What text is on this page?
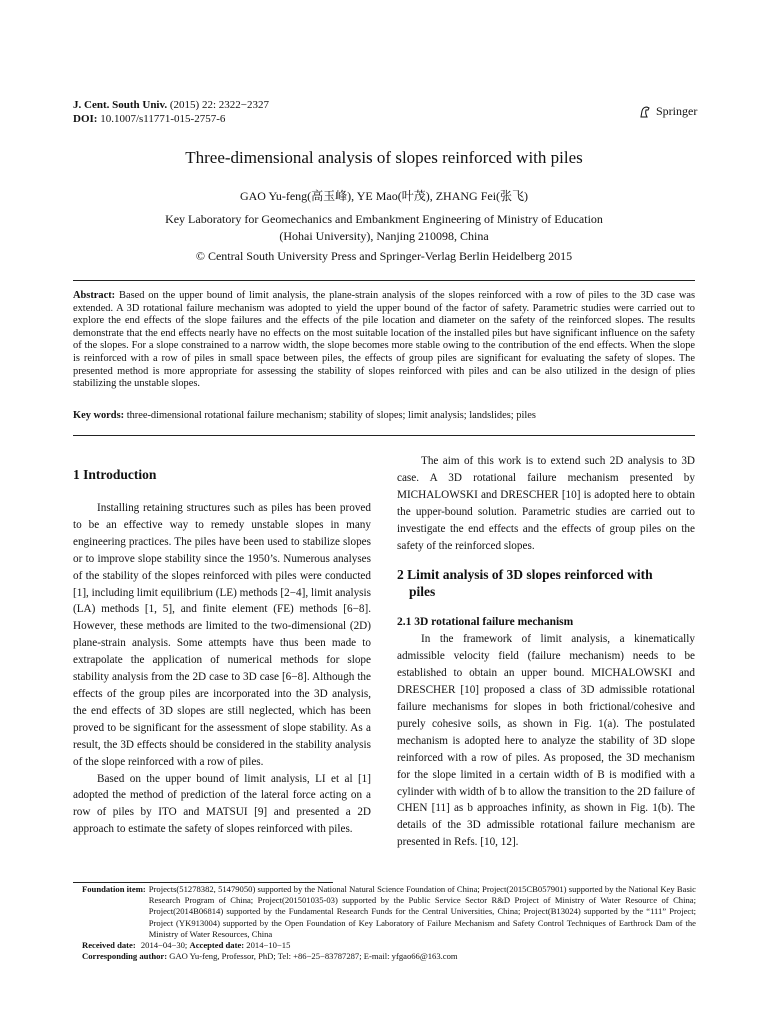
J. Cent. South Univ. (2015) 22: 2322−2327
DOI: 10.1007/s11771-015-2757-6
Springer
Three-dimensional analysis of slopes reinforced with piles
GAO Yu-feng(高玉峰), YE Mao(叶茂), ZHANG Fei(张飞)
Key Laboratory for Geomechanics and Embankment Engineering of Ministry of Education
(Hohai University), Nanjing 210098, China
© Central South University Press and Springer-Verlag Berlin Heidelberg 2015
Abstract: Based on the upper bound of limit analysis, the plane-strain analysis of the slopes reinforced with a row of piles to the 3D case was extended. A 3D rotational failure mechanism was adopted to yield the upper bound of the factor of safety. Parametric studies were carried out to explore the end effects of the slope failures and the effects of the pile location and diameter on the safety of the reinforced slopes. The results demonstrate that the end effects nearly have no effects on the most suitable location of the installed piles but have significant influence on the safety of the slopes. For a slope constrained to a narrow width, the slope becomes more stable owing to the contribution of the end effects. When the slope is reinforced with a row of piles in small space between piles, the effects of group piles are significant for evaluating the safety of slopes. The presented method is more appropriate for assessing the stability of slopes reinforced with piles and can be also utilized in the design of plies stabilizing the unstable slopes.
Key words: three-dimensional rotational failure mechanism; stability of slopes; limit analysis; landslides; piles
1 Introduction

Installing retaining structures such as piles has been proved to be an effective way to remedy unstable slopes in many engineering practices. The piles have been used to stabilize slopes or to improve slope stability since the 1950’s. Numerous analyses of the stability of the slopes reinforced with piles were conducted [1], including limit equilibrium (LE) methods [2−4], limit analysis (LA) methods [1, 5], and finite element (FE) methods [6−8]. However, these methods are limited to the two-dimensional (2D) plane-strain analysis. Some attempts have thus been made to extrapolate the application of numerical methods for slope stability analysis from the 2D case to 3D case [6−8]. Although the effects of the group piles are incorporated into the 3D analysis, the end effects of 3D slopes are still neglected, which has been proved to be significant for the assessment of slope stability. As a result, the 3D effects should be considered in the stability analysis of the slope reinforced with a row of piles.

Based on the upper bound of limit analysis, LI et al [1] adopted the method of prediction of the lateral force acting on a row of piles by ITO and MATSUI [9] and presented a 2D approach to estimate the safety of slopes reinforced with piles.

The aim of this work is to extend such 2D analysis to 3D case. A 3D rotational failure mechanism presented by MICHALOWSKI and DRESCHER [10] is adopted here to obtain the upper-bound solution. Parametric studies are carried out to investigate the end effects and the effects of group piles on the safety of the reinforced slopes.

2 Limit analysis of 3D slopes reinforced with
piles
2.1 3D rotational failure mechanism

In the framework of limit analysis, a kinematically admissible velocity field (failure mechanism) needs to be established to obtain an upper bound. MICHALOWSKI and DRESCHER [10] proposed a class of 3D admissible rotational failure mechanisms for slopes in both frictional/cohesive and purely cohesive soils, as shown in Fig. 1(a). The postulated mechanism is adopted here to analyze the stability of 3D slope reinforced with a row of piles. As proposed, the 3D mechanism for the slope limited in a certain width of B is modified with a cylinder with width of b to allow the transition to the 2D failure of CHEN [11] as b approaches infinity, as shown in Fig. 1(b). The details of the 3D admissible rotational failure mechanism are presented in Refs. [10, 12].

Foundation item: Projects(51278382, 51479050) supported by the National Natural Science Foundation of China; Project(2015CB057901) supported by the National Key Basic Research Program of China; Project(201501035-03) supported by the Public Service Sector R&D Project of Ministry of Water Resource of China; Project(2014B06814) supported by the Fundamental Research Funds for the Central Universities, China; Project(B13024) supported by the “111” Project; Project (YK913004) supported by the Open Foundation of Key Laboratory of Failure Mechanism and Safety Control Techniques of Earthrock Dam of the Ministry of Water Resources, China
Received date: 2014−04−30; Accepted date: 2014−10−15
Corresponding author: GAO Yu-feng, Professor, PhD; Tel: +86−25−83787287; E-mail: yfgao66@163.com
